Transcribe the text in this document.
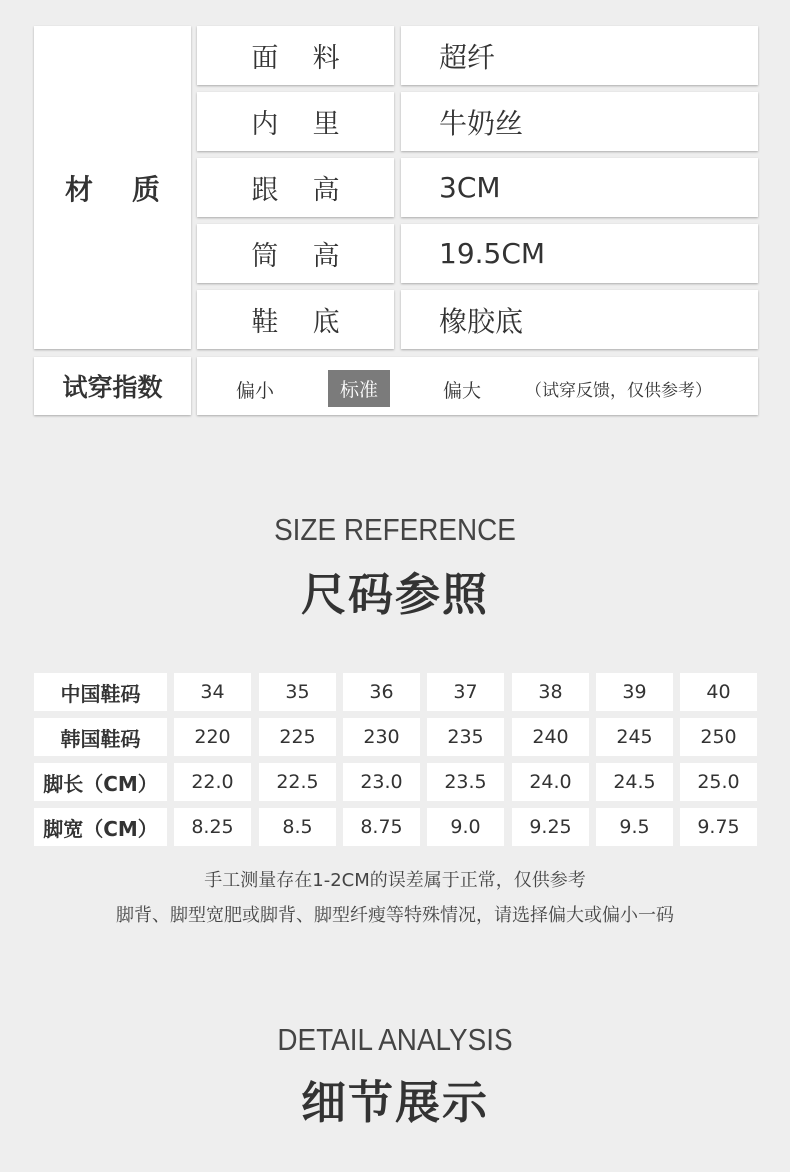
材    质
面    料	超纤
内    里	牛奶丝
跟    高	3CM
筒    高	19.5CM
鞋    底	橡胶底
试穿指数	偏小	标准	偏大	（试穿反馈，仅供参考）
SIZE REFERENCE
尺码参照
中国鞋码	34	35	36	37	38	39	40
韩国鞋码	220	225	230	235	240	245	250
脚长（CM）	22.0	22.5	23.0	23.5	24.0	24.5	25.0
脚宽（CM）	8.25	8.5	8.75	9.0	9.25	9.5	9.75
手工测量存在1-2CM的误差属于正常，仅供参考
脚背、脚型宽肥或脚背、脚型纤瘦等特殊情况，请选择偏大或偏小一码
DETAIL ANALYSIS
细节展示
